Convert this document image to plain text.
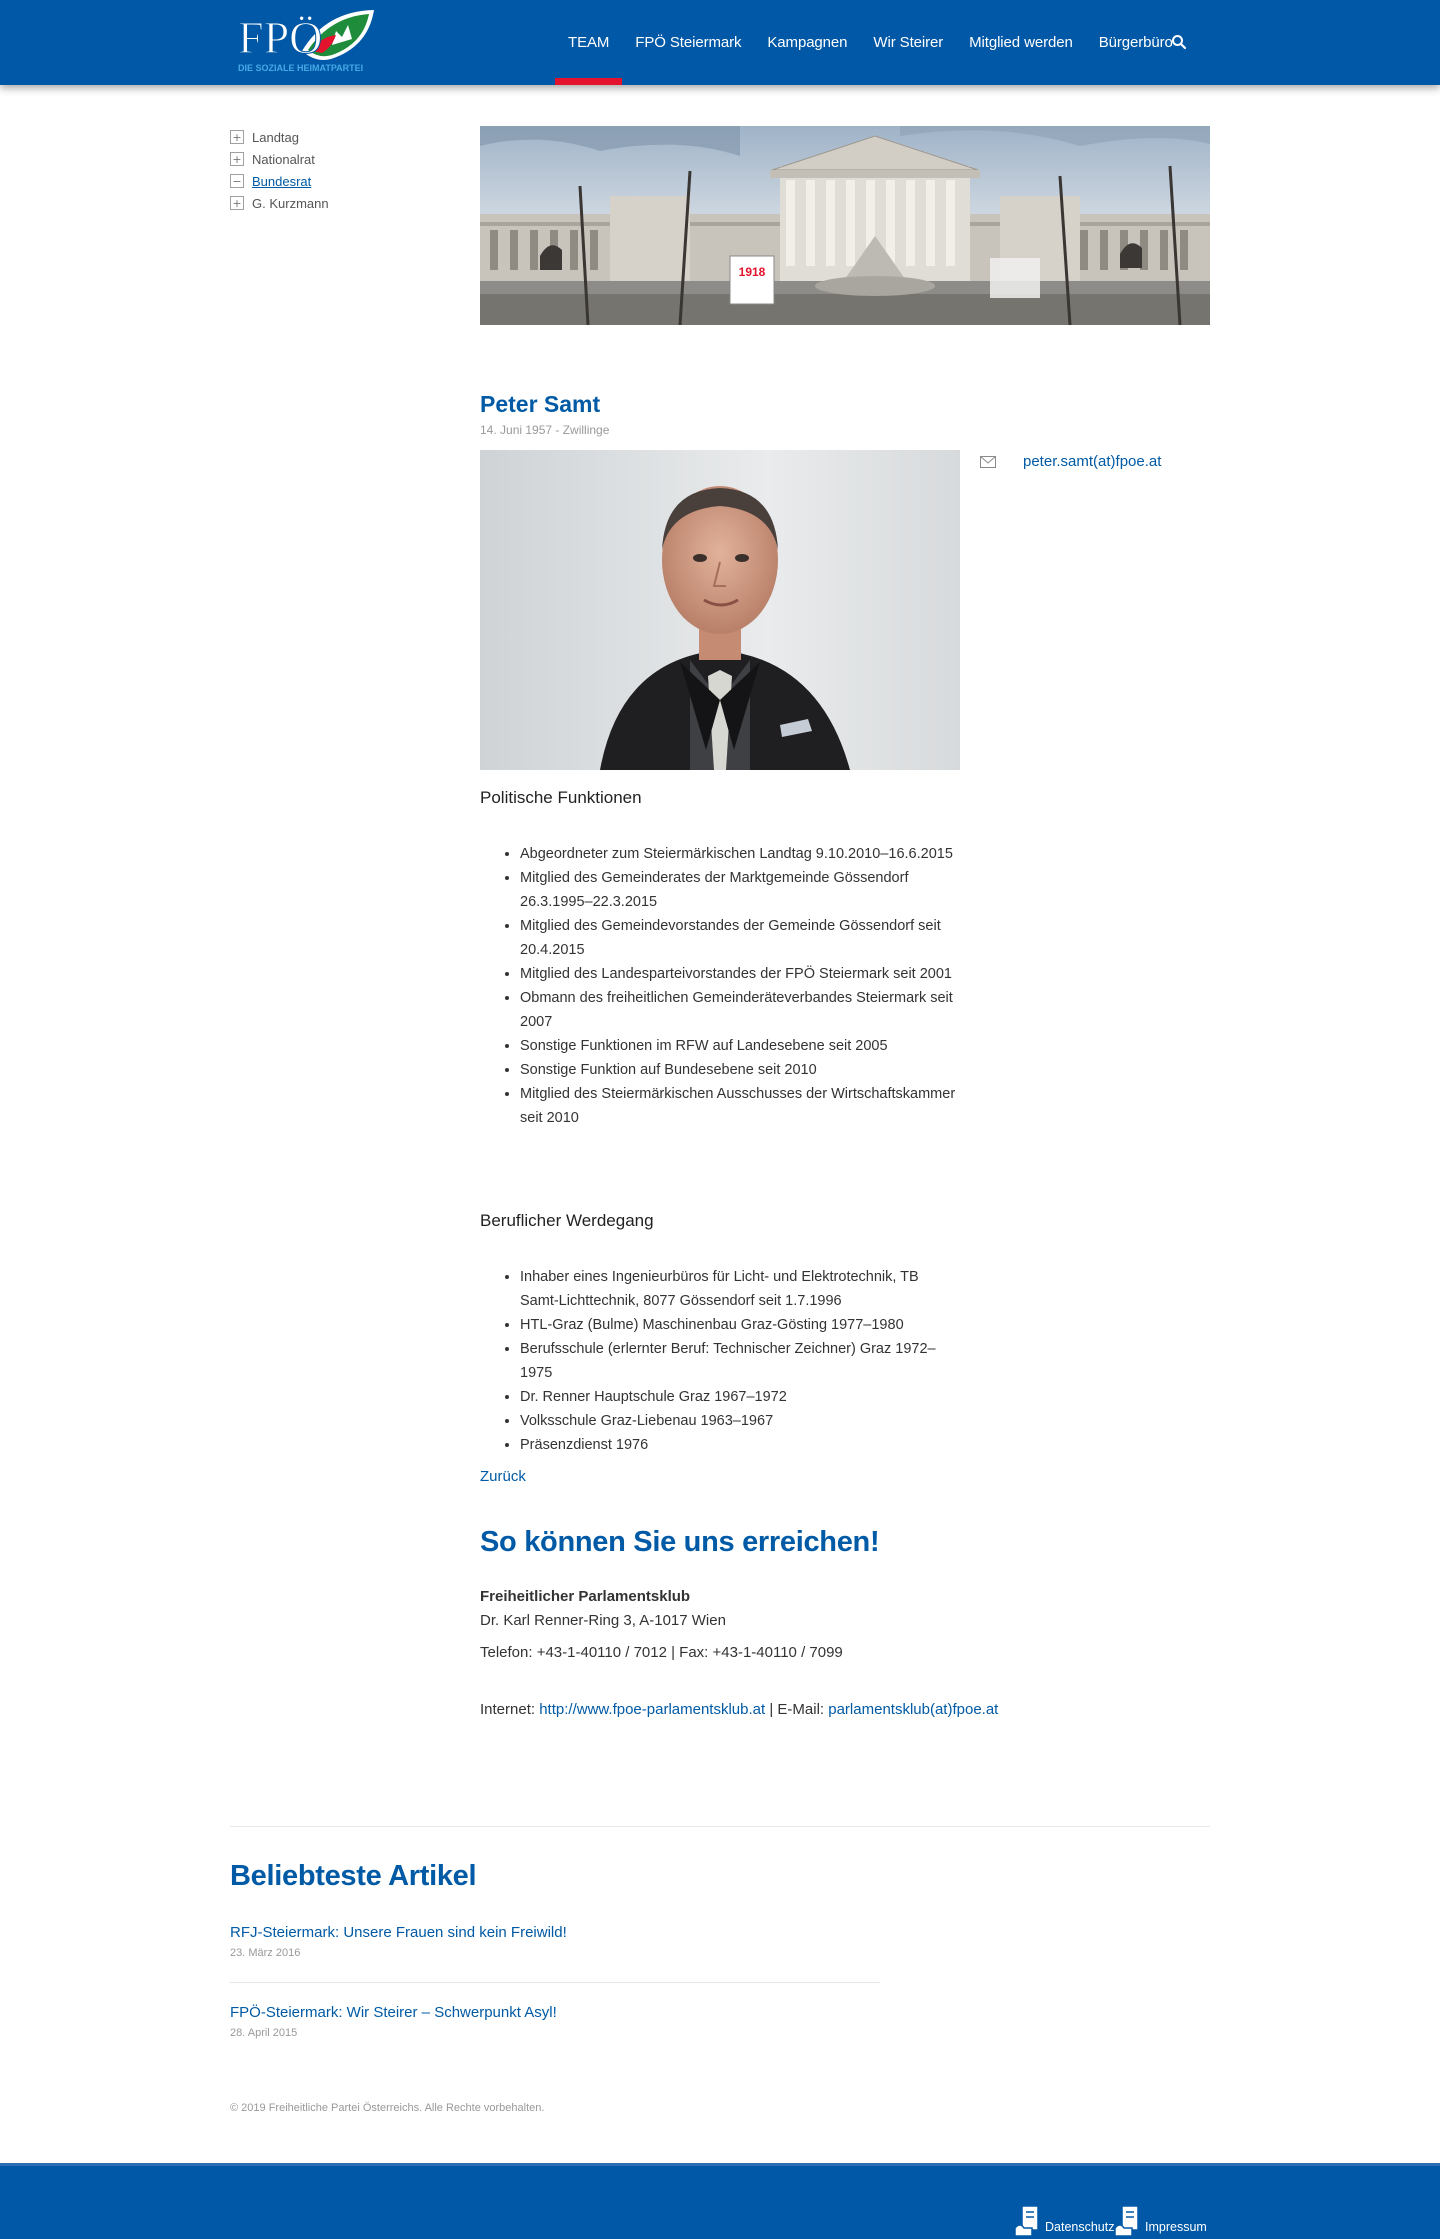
FPÖ
DIE SOZIALE HEIMATPARTEI
TEAM	FPÖ Steiermark	Kampagnen	Wir Steirer	Mitglied werden	Bürgerbüro
+ Landtag
+ Nationalrat
− Bundesrat
+ G. Kurzmann
1918
Peter Samt
14. Juni 1957 - Zwillinge
peter.samt(at)fpoe.at
Politische Funktionen
• Abgeordneter zum Steiermärkischen Landtag 9.10.2010–16.6.2015
• Mitglied des Gemeinderates der Marktgemeinde Gössendorf 26.3.1995–22.3.2015
• Mitglied des Gemeindevorstandes der Gemeinde Gössendorf seit 20.4.2015
• Mitglied des Landesparteivorstandes der FPÖ Steiermark seit 2001
• Obmann des freiheitlichen Gemeinderäteverbandes Steiermark seit 2007
• Sonstige Funktionen im RFW auf Landesebene seit 2005
• Sonstige Funktion auf Bundesebene seit 2010
• Mitglied des Steiermärkischen Ausschusses der Wirtschaftskammer seit 2010
Beruflicher Werdegang
• Inhaber eines Ingenieurbüros für Licht- und Elektrotechnik, TB Samt-Lichttechnik, 8077 Gössendorf seit 1.7.1996
• HTL-Graz (Bulme) Maschinenbau Graz-Gösting 1977–1980
• Berufsschule (erlernter Beruf: Technischer Zeichner) Graz 1972–1975
• Dr. Renner Hauptschule Graz 1967–1972
• Volksschule Graz-Liebenau 1963–1967
• Präsenzdienst 1976
Zurück
So können Sie uns erreichen!
Freiheitlicher Parlamentsklub
Dr. Karl Renner-Ring 3, A-1017 Wien
Telefon: +43-1-40110 / 7012 | Fax: +43-1-40110 / 7099
Internet: http://www.fpoe-parlamentsklub.at | E-Mail: parlamentsklub(at)fpoe.at
Beliebteste Artikel
RFJ-Steiermark: Unsere Frauen sind kein Freiwild!
23. März 2016
FPÖ-Steiermark: Wir Steirer – Schwerpunkt Asyl!
28. April 2015
© 2019 Freiheitliche Partei Österreichs. Alle Rechte vorbehalten.
Datenschutz Impressum
